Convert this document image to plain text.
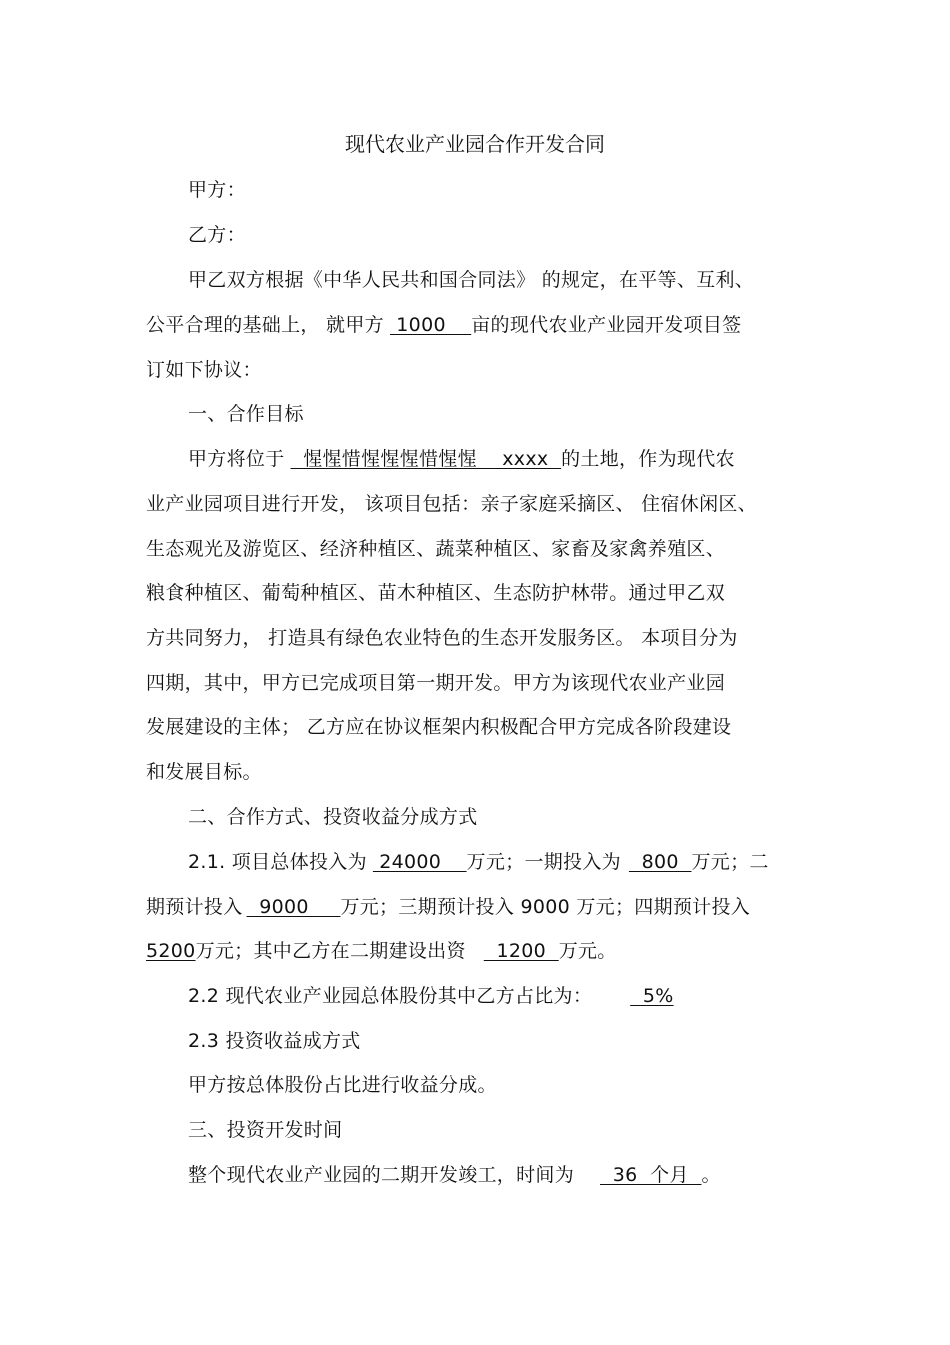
现代农业产业园合作开发合同
甲方：
乙方：
甲乙双方根据《中华人民共和国合同法》 的规定，在平等、互利、
公平合理的基础上， 就甲方 1000    亩的现代农业产业园开发项目签
订如下协议：
一、合作目标
甲方将位于  惺惺惜惺惺惺惜惺惺    xxxx  的土地，作为现代农
业产业园项目进行开发， 该项目包括：亲子家庭采摘区、 住宿休闲区、
生态观光及游览区、经济种植区、蔬菜种植区、家畜及家禽养殖区、
粮食种植区、葡萄种植区、苗木种植区、生态防护林带。通过甲乙双
方共同努力， 打造具有绿色农业特色的生态开发服务区。 本项目分为
四期，其中，甲方已完成项目第一期开发。甲方为该现代农业产业园
发展建设的主体； 乙方应在协议框架内积极配合甲方完成各阶段建设
和发展目标。
二、合作方式、投资收益分成方式
2.1. 项目总体投入为 24000    万元；一期投入为  800  万元；二
期预计投入  9000     万元；三期预计投入 9000 万元；四期预计投入
5200万元；其中乙方在二期建设出资  1200  万元。
2.2 现代农业产业园总体股份其中乙方占比为：  5%
2.3 投资收益成方式
甲方按总体股份占比进行收益分成。
三、投资开发时间
整个现代农业产业园的二期开发竣工，时间为  36  个月  。
